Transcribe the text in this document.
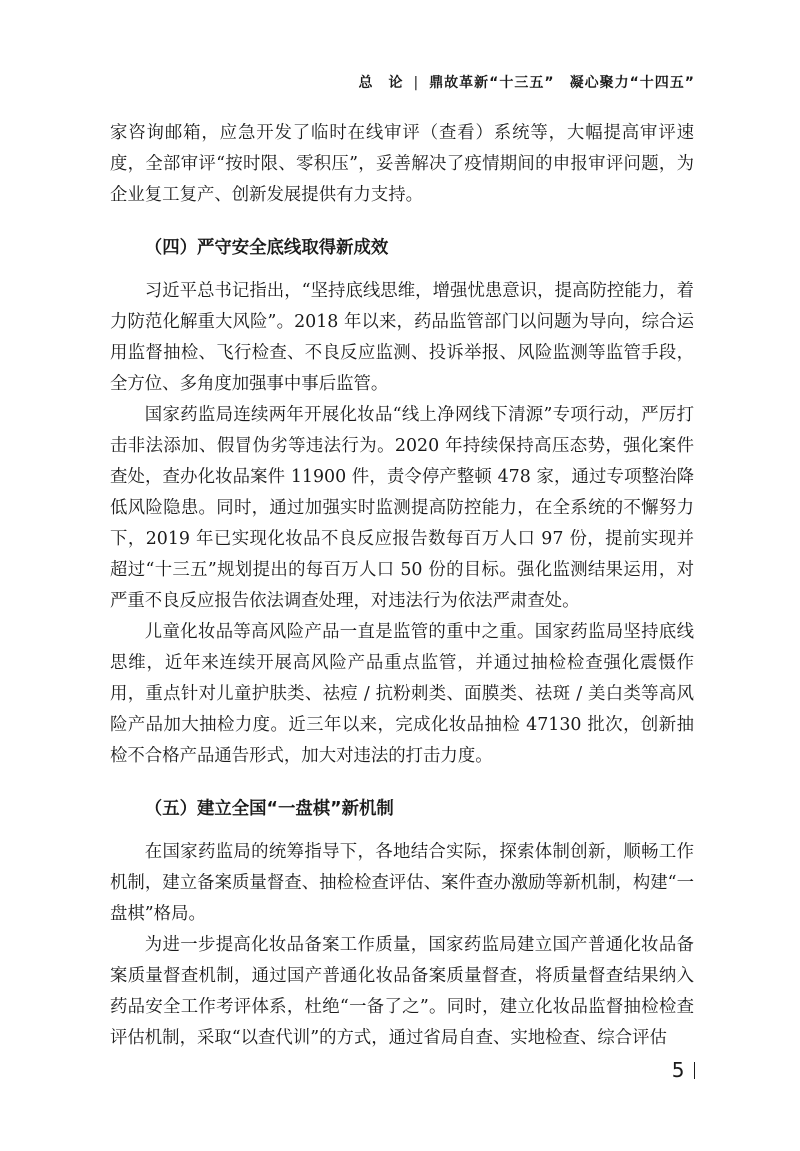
总　论 | 鼎故革新“十三五”　凝心聚力“十四五”

家咨询邮箱，应急开发了临时在线审评（查看）系统等，大幅提高审评速度，全部审评“按时限、零积压”，妥善解决了疫情期间的申报审评问题，为企业复工复产、创新发展提供有力支持。

（四）严守安全底线取得新成效

习近平总书记指出，“坚持底线思维，增强忧患意识，提高防控能力，着力防范化解重大风险”。2018 年以来，药品监管部门以问题为导向，综合运用监督抽检、飞行检查、不良反应监测、投诉举报、风险监测等监管手段，全方位、多角度加强事中事后监管。

国家药监局连续两年开展化妆品“线上净网线下清源”专项行动，严厉打击非法添加、假冒伪劣等违法行为。2020 年持续保持高压态势，强化案件查处，查办化妆品案件 11900 件，责令停产整顿 478 家，通过专项整治降低风险隐患。同时，通过加强实时监测提高防控能力，在全系统的不懈努力下，2019 年已实现化妆品不良反应报告数每百万人口 97 份，提前实现并超过“十三五”规划提出的每百万人口 50 份的目标。强化监测结果运用，对严重不良反应报告依法调查处理，对违法行为依法严肃查处。

儿童化妆品等高风险产品一直是监管的重中之重。国家药监局坚持底线思维，近年来连续开展高风险产品重点监管，并通过抽检检查强化震慑作用，重点针对儿童护肤类、祛痘 / 抗粉刺类、面膜类、祛斑 / 美白类等高风险产品加大抽检力度。近三年以来，完成化妆品抽检 47130 批次，创新抽检不合格产品通告形式，加大对违法的打击力度。

（五）建立全国“一盘棋”新机制

在国家药监局的统筹指导下，各地结合实际，探索体制创新，顺畅工作机制，建立备案质量督查、抽检检查评估、案件查办激励等新机制，构建“一盘棋”格局。

为进一步提高化妆品备案工作质量，国家药监局建立国产普通化妆品备案质量督查机制，通过国产普通化妆品备案质量督查，将质量督查结果纳入药品安全工作考评体系，杜绝“一备了之”。同时，建立化妆品监督抽检检查评估机制，采取“以查代训”的方式，通过省局自查、实地检查、综合评估

5
